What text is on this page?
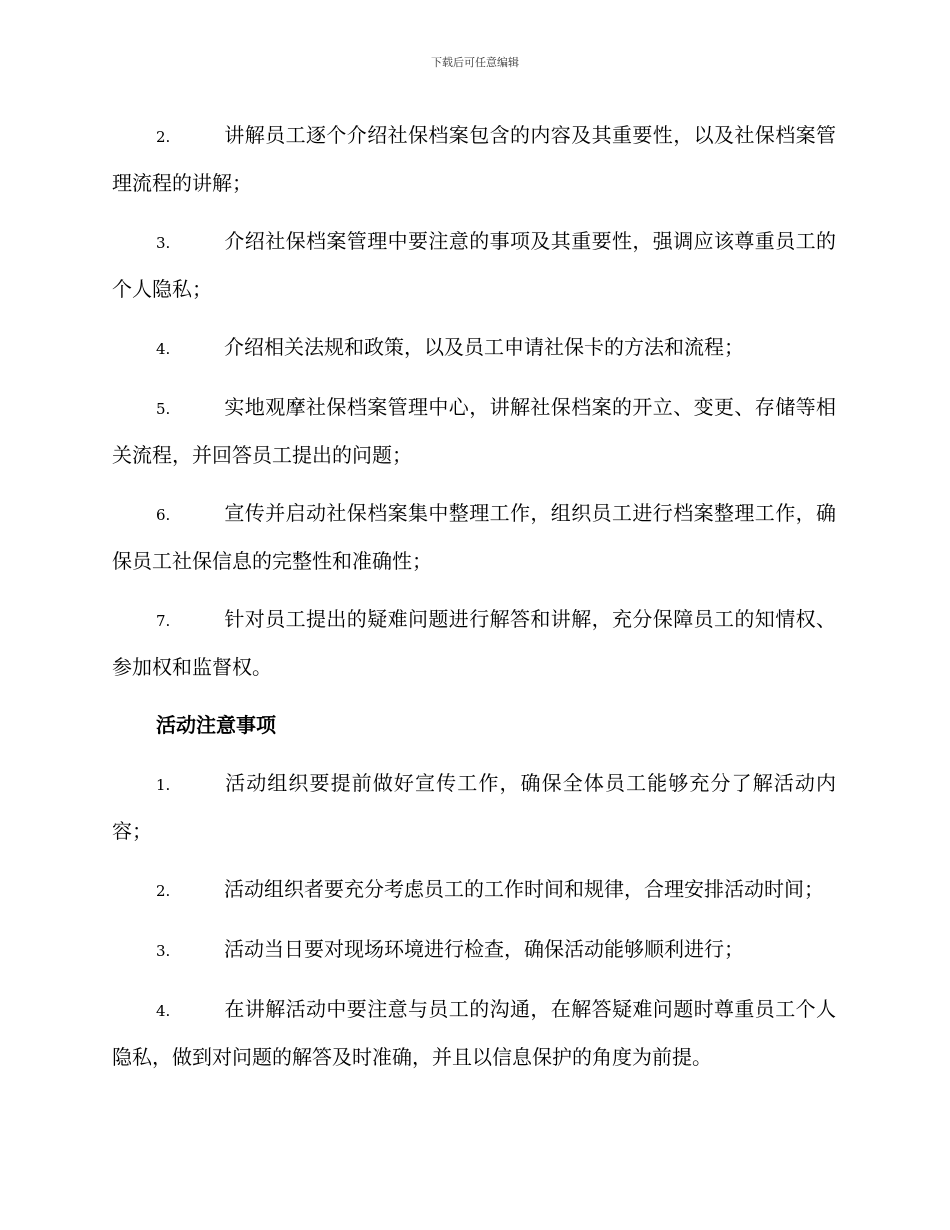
下载后可任意编辑
2.	讲解员工逐个介绍社保档案包含的内容及其重要性，以及社保档案管理流程的讲解；
3.	介绍社保档案管理中要注意的事项及其重要性，强调应该尊重员工的个人隐私；
4.	介绍相关法规和政策，以及员工申请社保卡的方法和流程；
5.	实地观摩社保档案管理中心，讲解社保档案的开立、变更、存储等相关流程，并回答员工提出的问题；
6.	宣传并启动社保档案集中整理工作，组织员工进行档案整理工作，确保员工社保信息的完整性和准确性；
7.	针对员工提出的疑难问题进行解答和讲解，充分保障员工的知情权、参加权和监督权。
活动注意事项
1.	活动组织要提前做好宣传工作，确保全体员工能够充分了解活动内容；
2.	活动组织者要充分考虑员工的工作时间和规律，合理安排活动时间；
3.	活动当日要对现场环境进行检查，确保活动能够顺利进行；
4.	在讲解活动中要注意与员工的沟通，在解答疑难问题时尊重员工个人隐私，做到对问题的解答及时准确，并且以信息保护的角度为前提。
